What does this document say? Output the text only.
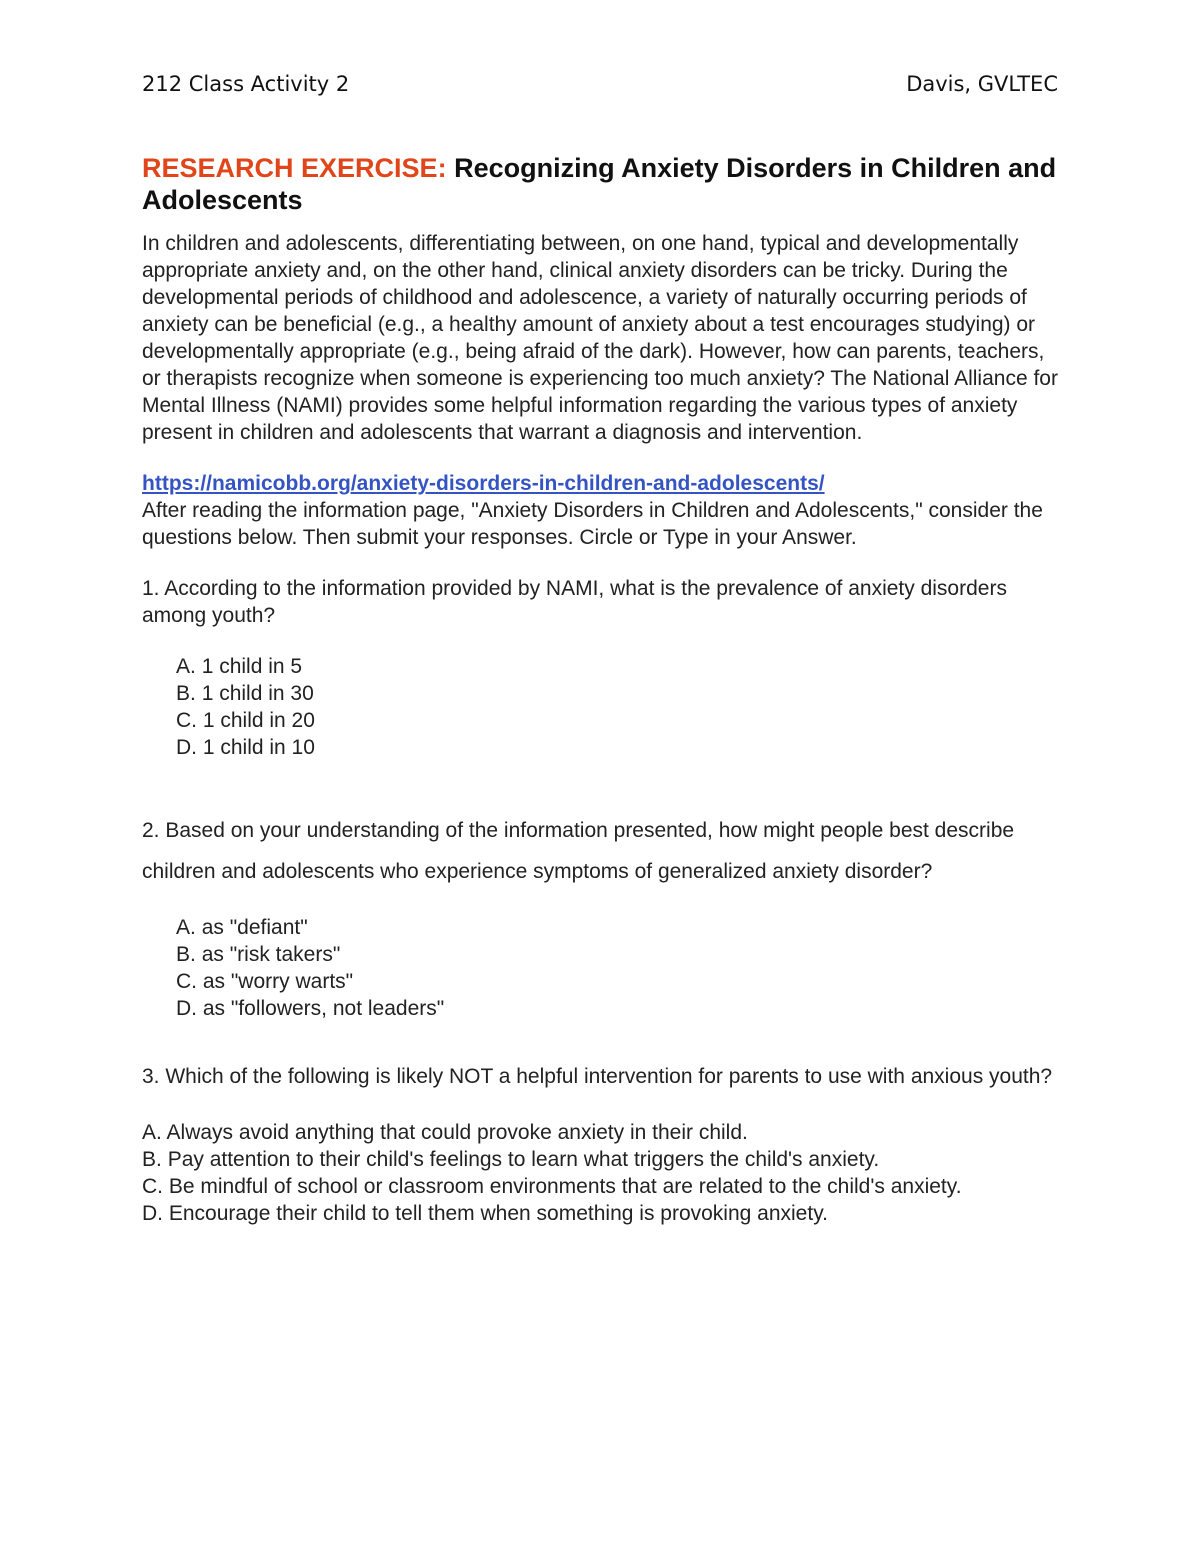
212 Class Activity 2	Davis, GVLTEC
RESEARCH EXERCISE: Recognizing Anxiety Disorders in Children and Adolescents

In children and adolescents, differentiating between, on one hand, typical and developmentally appropriate anxiety and, on the other hand, clinical anxiety disorders can be tricky. During the developmental periods of childhood and adolescence, a variety of naturally occurring periods of anxiety can be beneficial (e.g., a healthy amount of anxiety about a test encourages studying) or developmentally appropriate (e.g., being afraid of the dark). However, how can parents, teachers, or therapists recognize when someone is experiencing too much anxiety? The National Alliance for Mental Illness (NAMI) provides some helpful information regarding the various types of anxiety present in children and adolescents that warrant a diagnosis and intervention.

https://namicobb.org/anxiety-disorders-in-children-and-adolescents/

After reading the information page, "Anxiety Disorders in Children and Adolescents," consider the questions below. Then submit your responses. Circle or Type in your Answer.

1. According to the information provided by NAMI, what is the prevalence of anxiety disorders among youth?

A. 1 child in 5
B. 1 child in 30
C. 1 child in 20
D. 1 child in 10

2. Based on your understanding of the information presented, how might people best describe children and adolescents who experience symptoms of generalized anxiety disorder?

A. as "defiant"
B. as "risk takers"
C. as "worry warts"
D. as "followers, not leaders"

3. Which of the following is likely NOT a helpful intervention for parents to use with anxious youth?

A. Always avoid anything that could provoke anxiety in their child.
B. Pay attention to their child's feelings to learn what triggers the child's anxiety.
C. Be mindful of school or classroom environments that are related to the child's anxiety.
D. Encourage their child to tell them when something is provoking anxiety.
